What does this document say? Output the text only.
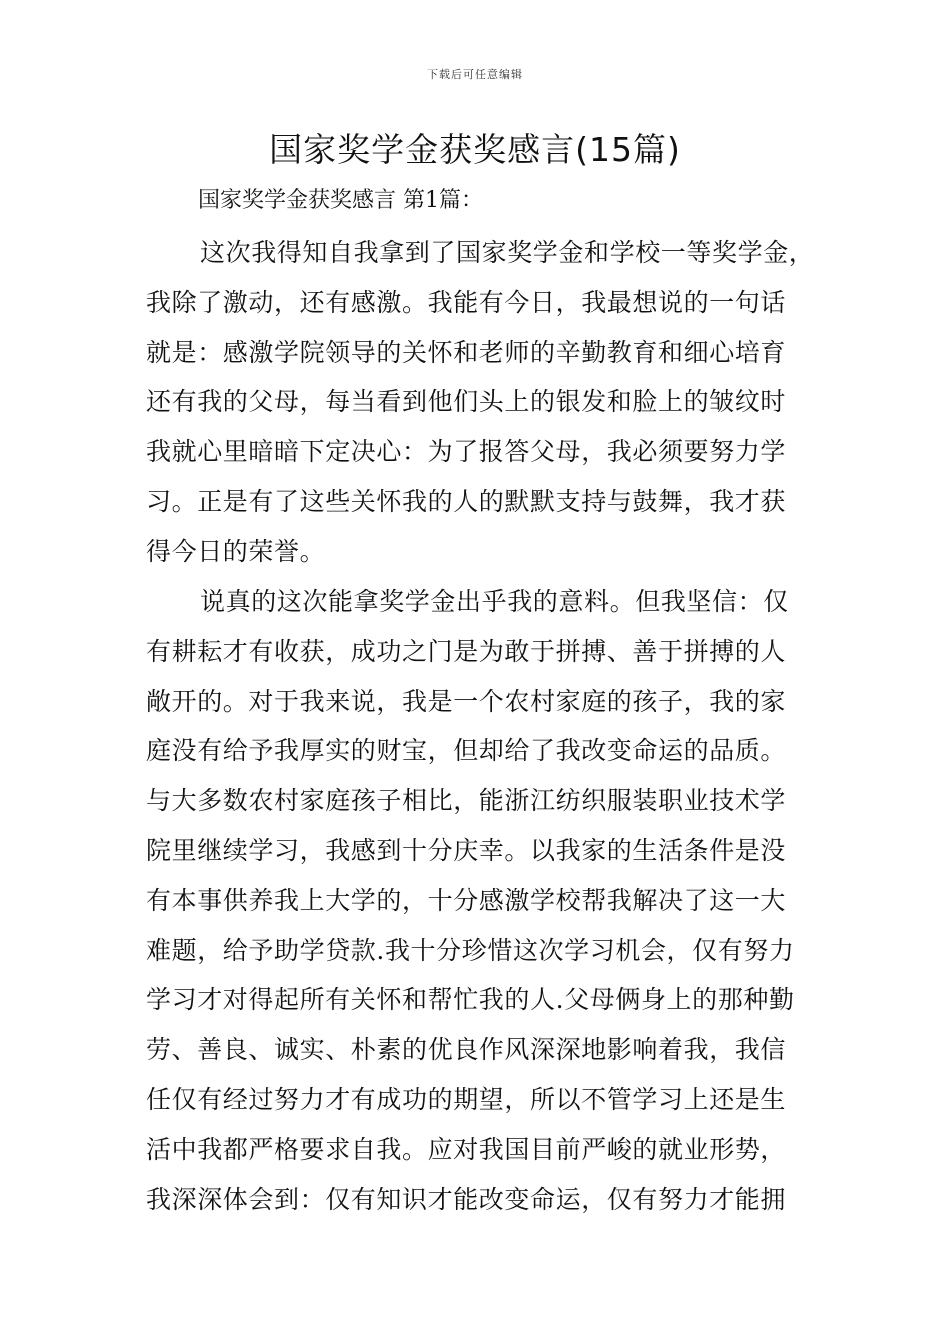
下载后可任意编辑
国家奖学金获奖感言(15篇)
国家奖学金获奖感言 第1篇：
这次我得知自我拿到了国家奖学金和学校一等奖学金，
我除了激动，还有感激。我能有今日，我最想说的一句话
就是：感激学院领导的关怀和老师的辛勤教育和细心培育
还有我的父母，每当看到他们头上的银发和脸上的皱纹时
我就心里暗暗下定决心：为了报答父母，我必须要努力学
习。正是有了这些关怀我的人的默默支持与鼓舞，我才获
得今日的荣誉。
说真的这次能拿奖学金出乎我的意料。但我坚信：仅
有耕耘才有收获，成功之门是为敢于拼搏、善于拼搏的人
敞开的。对于我来说，我是一个农村家庭的孩子，我的家
庭没有给予我厚实的财宝，但却给了我改变命运的品质。
与大多数农村家庭孩子相比，能浙江纺织服装职业技术学
院里继续学习，我感到十分庆幸。以我家的生活条件是没
有本事供养我上大学的，十分感激学校帮我解决了这一大
难题，给予助学贷款.我十分珍惜这次学习机会，仅有努力
学习才对得起所有关怀和帮忙我的人.父母俩身上的那种勤
劳、善良、诚实、朴素的优良作风深深地影响着我，我信
任仅有经过努力才有成功的期望，所以不管学习上还是生
活中我都严格要求自我。应对我国目前严峻的就业形势，
我深深体会到：仅有知识才能改变命运，仅有努力才能拥
